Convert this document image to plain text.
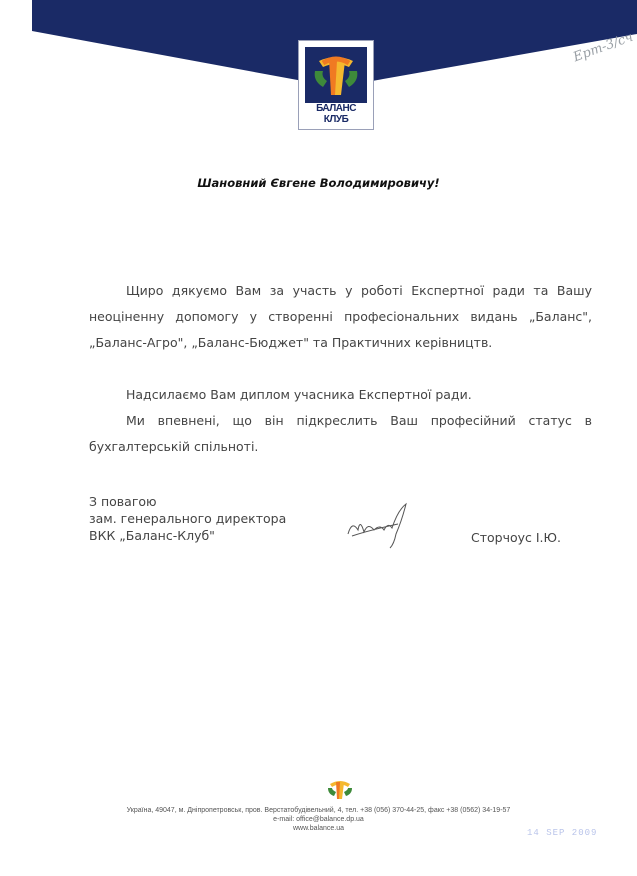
БАЛАНС
КЛУБ
Ерт-3/сч
Шановний Євгене Володимировичу!

Щиро дякуємо Вам за участь у роботі Експертної ради та Вашу неоціненну допомогу у створенні професіональних видань „Баланс", „Баланс-Агро", „Баланс-Бюджет" та Практичних керівництв.

Надсилаємо Вам диплом учасника Експертної ради.

Ми впевнені, що він підкреслить Ваш професійний статус в бухгалтерській спільноті.

З повагою
зам. генерального директора
ВКК „Баланс-Клуб"	Сторчоус І.Ю.
Україна, 49047, м. Дніпропетровськ, пров. Верстатобудівельний, 4, тел. +38 (056) 370-44-25, факс +38 (0562) 34-19-57
e-mail: office@balance.dp.ua
www.balance.ua	14 SEP 2009
